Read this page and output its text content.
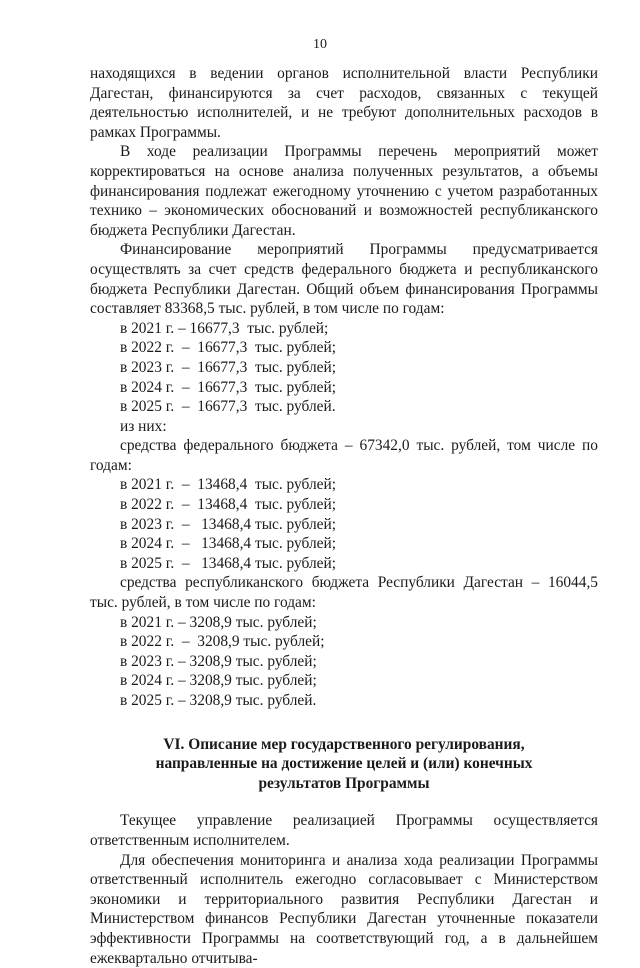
10

находящихся в ведении органов исполнительной власти Республики Дагестан, финансируются за счет расходов, связанных с текущей деятельностью исполнителей, и не требуют дополнительных расходов в рамках Программы.

В ходе реализации Программы перечень мероприятий может корректироваться на основе анализа полученных результатов, а объемы финансирования подлежат ежегодному уточнению с учетом разработанных технико – экономических обоснований и возможностей республиканского бюджета Республики Дагестан.

Финансирование мероприятий Программы предусматривается осуществлять за счет средств федерального бюджета и республиканского бюджета Республики Дагестан. Общий объем финансирования Программы составляет 83368,5 тыс. рублей, в том числе по годам:

в 2021 г. – 16677,3  тыс. рублей;
в 2022 г.  –  16677,3  тыс. рублей;
в 2023 г.  –  16677,3  тыс. рублей;
в 2024 г.  –  16677,3  тыс. рублей;
в 2025 г.  –  16677,3  тыс. рублей.
из них:

средства федерального бюджета – 67342,0 тыс. рублей, том числе по годам:

в 2021 г.  –  13468,4  тыс. рублей;
в 2022 г.  –  13468,4  тыс. рублей;
в 2023 г.  –   13468,4 тыс. рублей;
в 2024 г.  –   13468,4 тыс. рублей;
в 2025 г.  –   13468,4 тыс. рублей;

средства республиканского бюджета Республики Дагестан – 16044,5 тыс. рублей, в том числе по годам:

в 2021 г. – 3208,9 тыс. рублей;
в 2022 г.  –  3208,9 тыс. рублей;
в 2023 г. – 3208,9 тыс. рублей;
в 2024 г. – 3208,9 тыс. рублей;
в 2025 г. – 3208,9 тыс. рублей.

VI. Описание мер государственного регулирования,
направленные на достижение целей и (или) конечных
результатов Программы

Текущее управление реализацией Программы осуществляется ответственным исполнителем.

Для обеспечения мониторинга и анализа хода реализации Программы ответственный исполнитель ежегодно согласовывает с Министерством экономики и территориального развития Республики Дагестан и Министерством финансов Республики Дагестан уточненные показатели эффективности Программы на соответствующий год, а в дальнейшем ежеквартально отчитыва-
